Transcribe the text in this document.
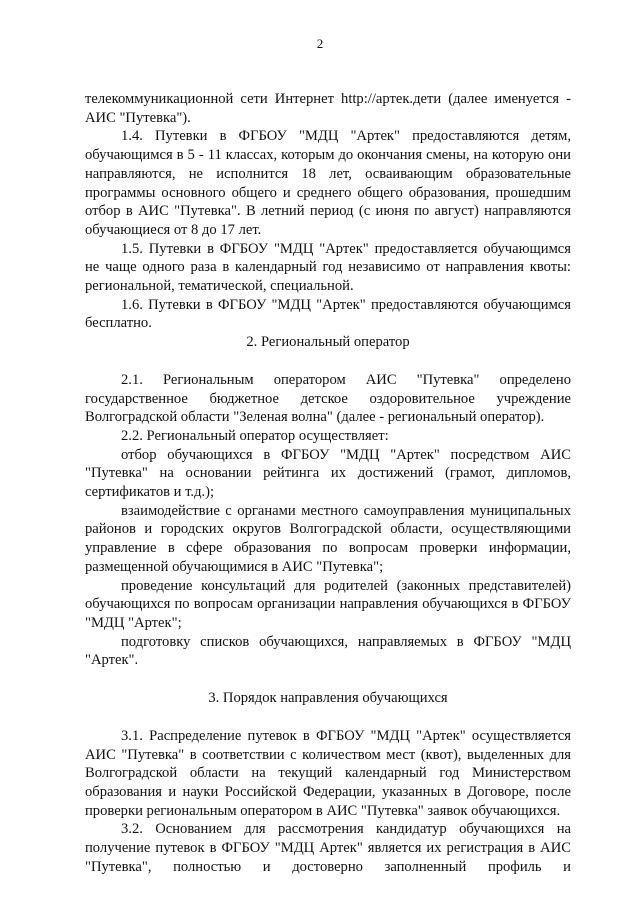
2

телекоммуникационной сети Интернет http://артек.дети (далее именуется - АИС "Путевка").

1.4. Путевки в ФГБОУ "МДЦ "Артек" предоставляются детям, обучающимся в 5 - 11 классах, которым до окончания смены, на которую они направляются, не исполнится 18 лет, осваивающим образовательные программы основного общего и среднего общего образования, прошедшим отбор в АИС "Путевка". В летний период (с июня по август) направляются обучающиеся от 8 до 17 лет.

1.5. Путевки в ФГБОУ "МДЦ "Артек" предоставляется обучающимся не чаще одного раза в календарный год независимо от направления квоты: региональной, тематической, специальной.

1.6. Путевки в ФГБОУ "МДЦ "Артек" предоставляются обучающимся бесплатно.

2. Региональный оператор

2.1. Региональным оператором АИС "Путевка" определено государственное бюджетное детское оздоровительное учреждение Волгоградской области "Зеленая волна" (далее - региональный оператор).

2.2. Региональный оператор осуществляет:

отбор обучающихся в ФГБОУ "МДЦ "Артек" посредством АИС "Путевка" на основании рейтинга их достижений (грамот, дипломов, сертификатов и т.д.);

взаимодействие с органами местного самоуправления муниципальных районов и городских округов Волгоградской области, осуществляющими управление в сфере образования по вопросам проверки информации, размещенной обучающимися в АИС "Путевка";

проведение консультаций для родителей (законных представителей) обучающихся по вопросам организации направления обучающихся в ФГБОУ "МДЦ "Артек";

подготовку списков обучающихся, направляемых в ФГБОУ "МДЦ "Артек".

3. Порядок направления обучающихся

3.1. Распределение путевок в ФГБОУ "МДЦ "Артек" осуществляется АИС "Путевка" в соответствии с количеством мест (квот), выделенных для Волгоградской области на текущий календарный год Министерством образования и науки Российской Федерации, указанных в Договоре, после проверки региональным оператором в АИС "Путевка" заявок обучающихся.

3.2. Основанием для рассмотрения кандидатур обучающихся на получение путевок в ФГБОУ "МДЦ Артек" является их регистрация в АИС "Путевка", полностью и достоверно заполненный профиль и
